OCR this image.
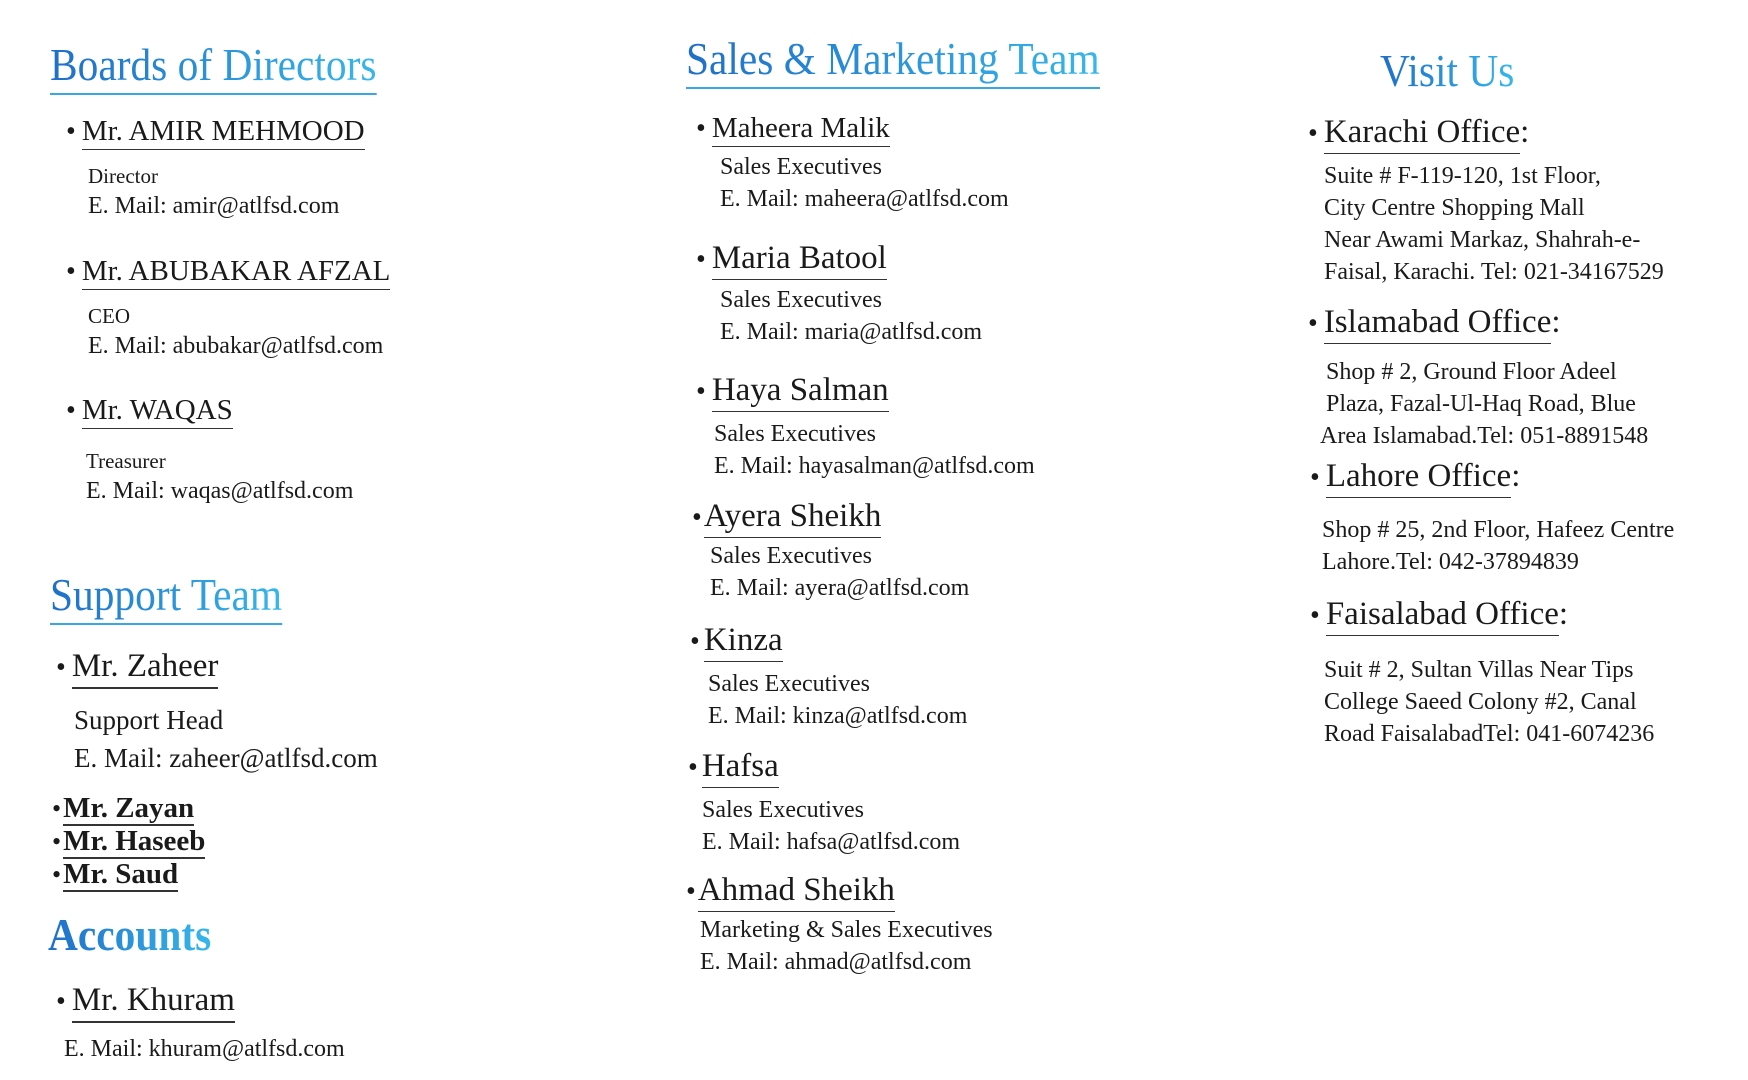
Boards of Directors
• Mr. AMIR MEHMOOD
Director
E. Mail: amir@atlfsd.com
• Mr. ABUBAKAR AFZAL
CEO
E. Mail: abubakar@atlfsd.com
• Mr. WAQAS
Treasurer
E. Mail: waqas@atlfsd.com
Support Team
• Mr. Zaheer
Support Head
E. Mail: zaheer@atlfsd.com
• Mr. Zayan
• Mr. Haseeb
• Mr. Saud
Accounts
• Mr. Khuram
E. Mail: khuram@atlfsd.com
Sales & Marketing Team
• Maheera Malik
Sales Executives
E. Mail: maheera@atlfsd.com
• Maria Batool
Sales Executives
E. Mail: maria@atlfsd.com
• Haya Salman
Sales Executives
E. Mail: hayasalman@atlfsd.com
• Ayera Sheikh
Sales Executives
E. Mail: ayera@atlfsd.com
• Kinza
Sales Executives
E. Mail: kinza@atlfsd.com
• Hafsa
Sales Executives
E. Mail: hafsa@atlfsd.com
• Ahmad Sheikh
Marketing & Sales Executives
E. Mail: ahmad@atlfsd.com
Visit Us
• Karachi Office :
Suite # F-119-120, 1st Floor,
City Centre Shopping Mall
Near Awami Markaz, Shahrah-e-
Faisal, Karachi. Tel: 021-34167529
• Islamabad Office :
Shop # 2, Ground Floor Adeel
Plaza, Fazal-Ul-Haq Road, Blue
Area Islamabad.Tel: 051-8891548
• Lahore Office :
Shop # 25, 2nd Floor, Hafeez Centre
Lahore.Tel: 042-37894839
• Faisalabad Office :
Suit # 2, Sultan Villas Near Tips
College Saeed Colony #2, Canal
Road FaisalabadTel: 041-6074236
